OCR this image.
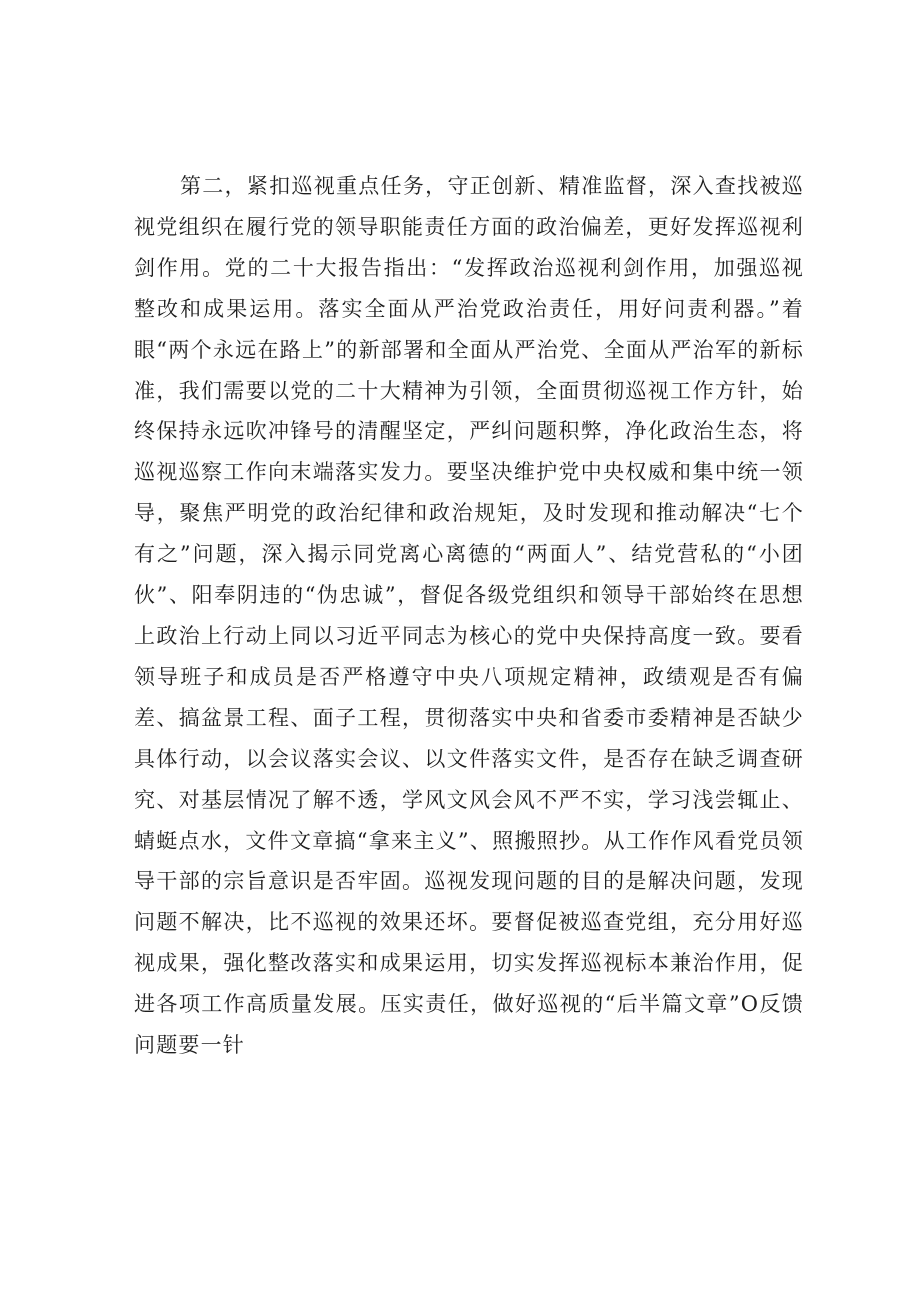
第二，紧扣巡视重点任务，守正创新、精准监督，深入查找被巡视党组织在履行党的领导职能责任方面的政治偏差，更好发挥巡视利剑作用。党的二十大报告指出：“发挥政治巡视利剑作用，加强巡视整改和成果运用。落实全面从严治党政治责任，用好问责利器。”着眼“两个永远在路上”的新部署和全面从严治党、全面从严治军的新标准，我们需要以党的二十大精神为引领，全面贯彻巡视工作方针，始终保持永远吹冲锋号的清醒坚定，严纠问题积弊，净化政治生态，将巡视巡察工作向末端落实发力。要坚决维护党中央权威和集中统一领导，聚焦严明党的政治纪律和政治规矩，及时发现和推动解决“七个有之”问题，深入揭示同党离心离德的“两面人”、结党营私的“小团伙”、阳奉阴违的“伪忠诚”，督促各级党组织和领导干部始终在思想上政治上行动上同以习近平同志为核心的党中央保持高度一致。要看领导班子和成员是否严格遵守中央八项规定精神，政绩观是否有偏差、搞盆景工程、面子工程，贯彻落实中央和省委市委精神是否缺少具体行动，以会议落实会议、以文件落实文件，是否存在缺乏调查研究、对基层情况了解不透，学风文风会风不严不实，学习浅尝辄止、蜻蜓点水，文件文章搞“拿来主义”、照搬照抄。从工作作风看党员领导干部的宗旨意识是否牢固。巡视发现问题的目的是解决问题，发现问题不解决，比不巡视的效果还坏。要督促被巡查党组，充分用好巡视成果，强化整改落实和成果运用，切实发挥巡视标本兼治作用，促进各项工作高质量发展。压实责任，做好巡视的“后半篇文章”O反馈问题要一针
